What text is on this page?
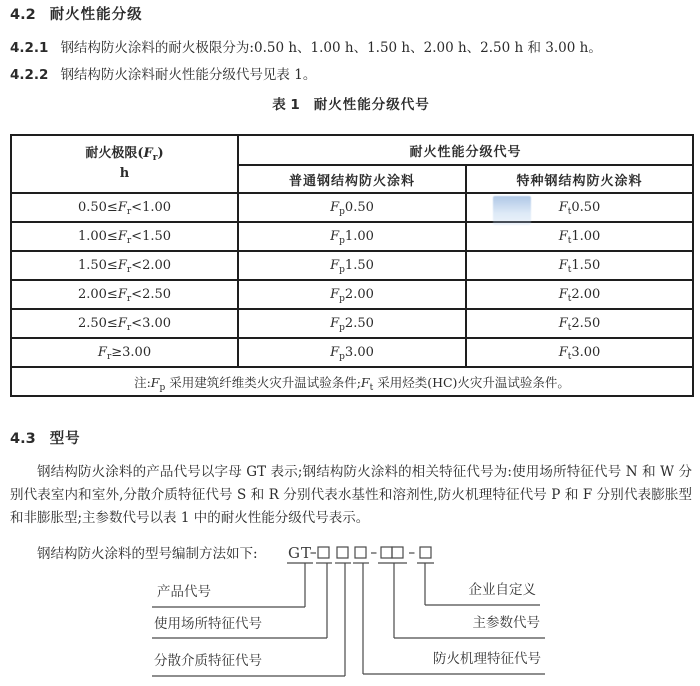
4.2 耐火性能分级
4.2.1 钢结构防火涂料的耐火极限分为:0.50 h、1.00 h、1.50 h、2.00 h、2.50 h 和 3.00 h。
4.2.2 钢结构防火涂料耐火性能分级代号见表 1。
表 1 耐火性能分级代号
耐火极限$(F_r)$
h	耐火性能分级代号	
	普通钢结构防火涂料	特种钢结构防火涂料
$0.50\le F_r<1.00$	$F_p0.50$	$F_t0.50$
$1.00\le F_r<1.50$	$F_p1.00$	$F_t1.00$
$1.50\le F_r<2.00$	$F_p1.50$	$F_t1.50$
$2.00\le F_r<2.50$	$F_p2.00$	$F_t2.00$
$2.50\le F_r<3.00$	$F_p2.50$	$F_t2.50$
$F_r\ge 3.00$	$F_p3.00$	$F_t3.00$
注$:F_p$ 采用建筑纤维类火灾升温试验条件$;F_t$ 采用烃类(HC)火灾升温试验条件。		
4.3 型号

钢结构防火涂料的产品代号以字母 GT 表示;钢结构防火涂料的相关特征代号为:使用场所特征代号 N 和 W 分别代表室内和室外,分散介质特征代号 S 和 R 分别代表水基性和溶剂性,防火机理特征代号 P 和 F 分别代表膨胀型和非膨胀型;主参数代号以表 1 中的耐火性能分级代号表示。

钢结构防火涂料的型号编制方法如下:	GT
产品代号
使用场所特征代号
分散介质特征代号
企业自定义
主参数代号
防火机理特征代号
